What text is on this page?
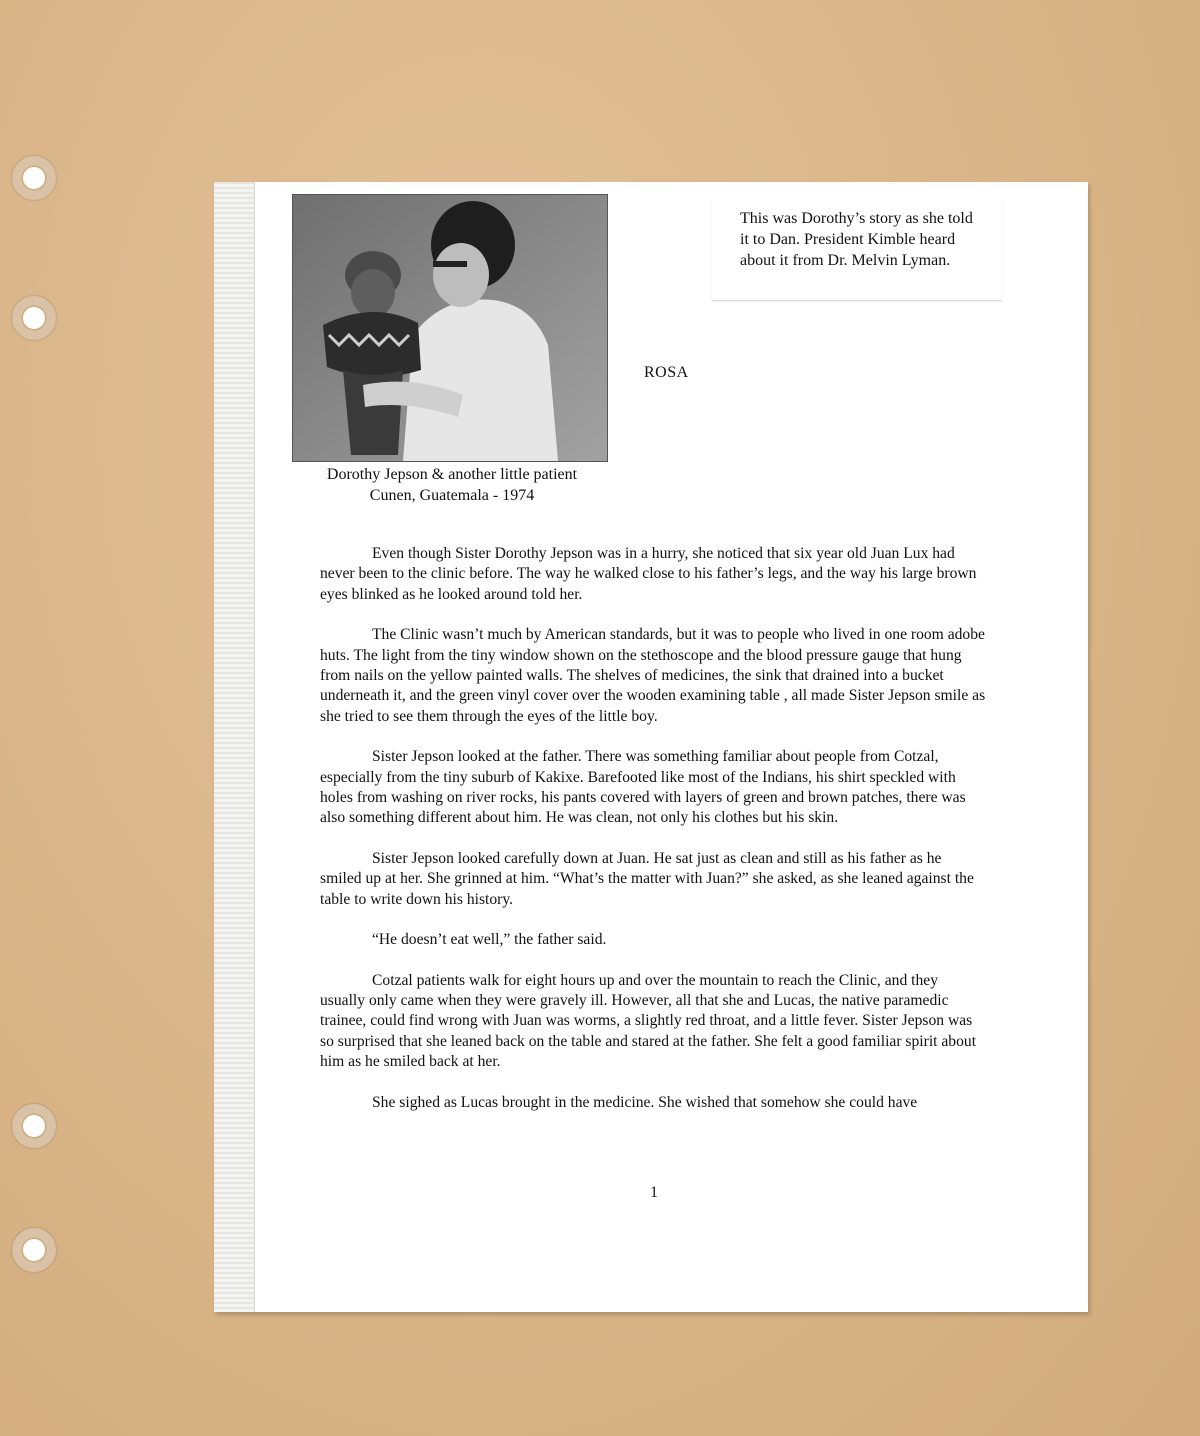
Dorothy Jepson & another little patient
Cunen, Guatemala - 1974

This was Dorothy’s story as she told it to Dan. President Kimble heard about it from Dr. Melvin Lyman.

ROSA

Even though Sister Dorothy Jepson was in a hurry, she noticed that six year old Juan Lux had never been to the clinic before. The way he walked close to his father’s legs, and the way his large brown eyes blinked as he looked around told her.

The Clinic wasn’t much by American standards, but it was to people who lived in one room adobe huts. The light from the tiny window shown on the stethoscope and the blood pressure gauge that hung from nails on the yellow painted walls. The shelves of medicines, the sink that drained into a bucket underneath it, and the green vinyl cover over the wooden examining table , all made Sister Jepson smile as she tried to see them through the eyes of the little boy.

Sister Jepson looked at the father. There was something familiar about people from Cotzal, especially from the tiny suburb of Kakixe. Barefooted like most of the Indians, his shirt speckled with holes from washing on river rocks, his pants covered with layers of green and brown patches, there was also something different about him. He was clean, not only his clothes but his skin.

Sister Jepson looked carefully down at Juan. He sat just as clean and still as his father as he smiled up at her. She grinned at him. “What’s the matter with Juan?” she asked, as she leaned against the table to write down his history.

“He doesn’t eat well,” the father said.

Cotzal patients walk for eight hours up and over the mountain to reach the Clinic, and they usually only came when they were gravely ill. However, all that she and Lucas, the native paramedic trainee, could find wrong with Juan was worms, a slightly red throat, and a little fever. Sister Jepson was so surprised that she leaned back on the table and stared at the father. She felt a good familiar spirit about him as he smiled back at her.

She sighed as Lucas brought in the medicine. She wished that somehow she could have

1
